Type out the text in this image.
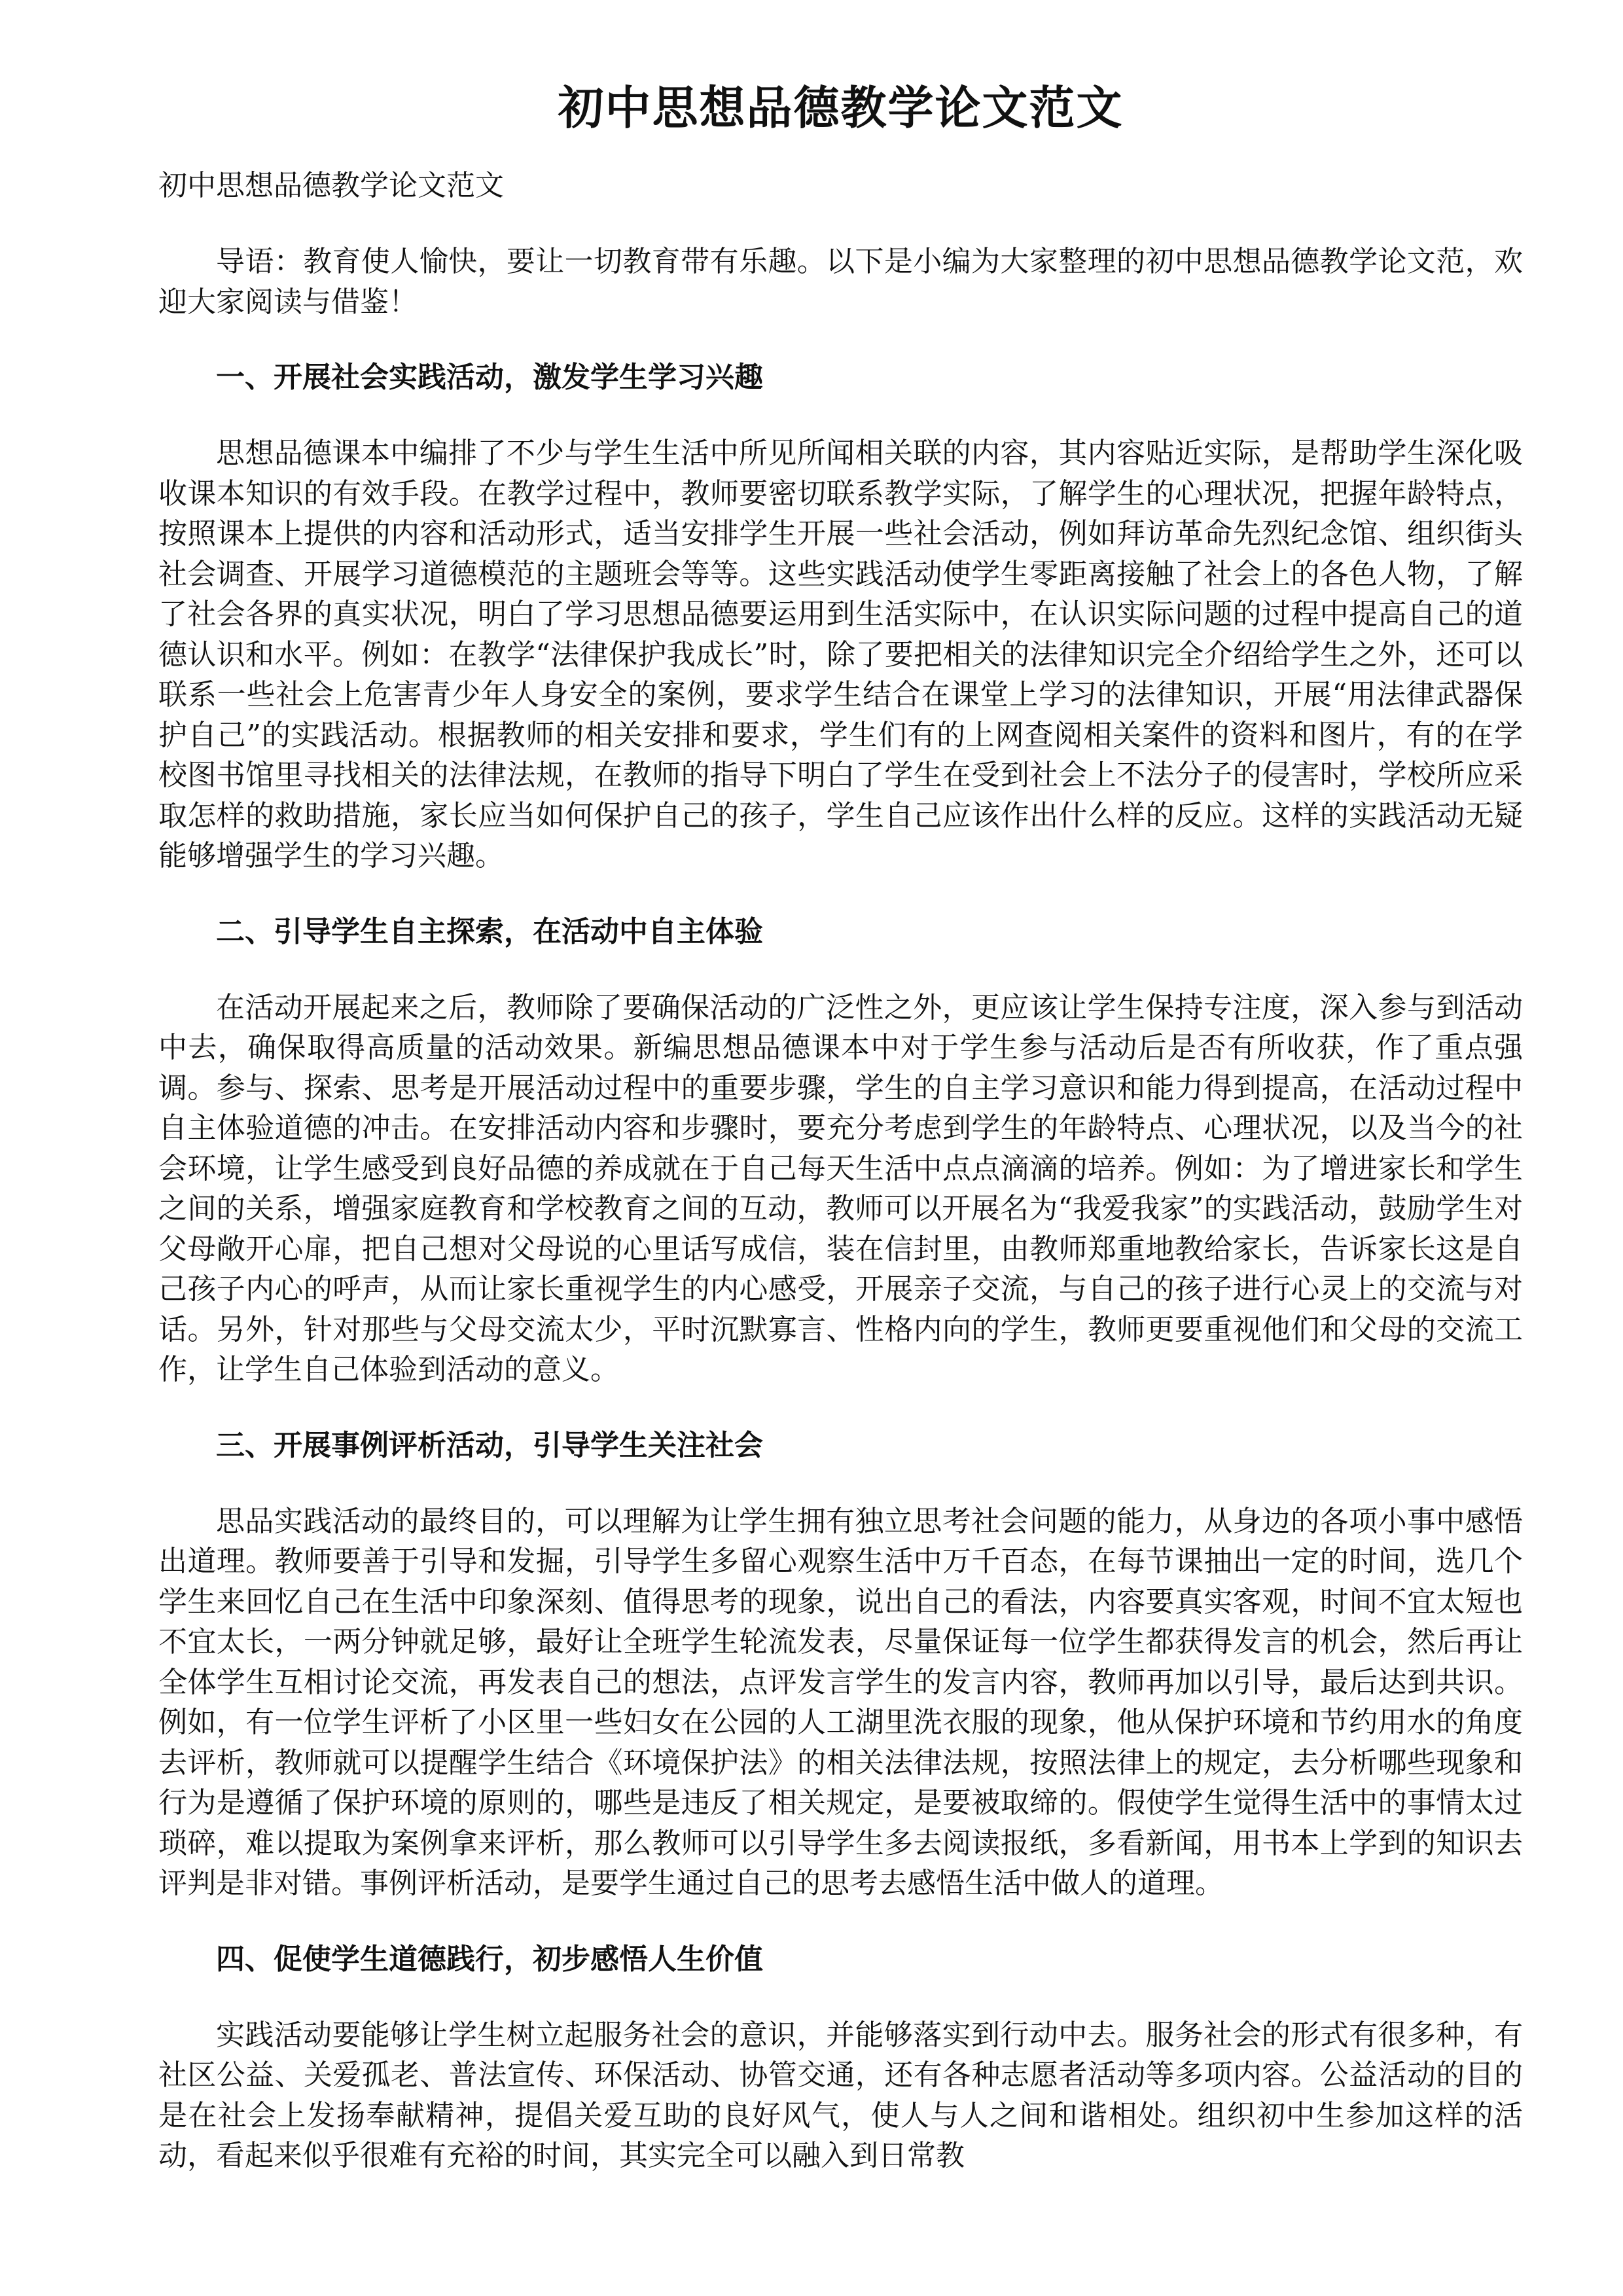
初中思想品德教学论文范文

初中思想品德教学论文范文

导语：教育使人愉快，要让一切教育带有乐趣。以下是小编为大家整理的初中思想品德教学论文范，欢迎大家阅读与借鉴！

一、开展社会实践活动，激发学生学习兴趣

思想品德课本中编排了不少与学生生活中所见所闻相关联的内容，其内容贴近实际，是帮助学生深化吸收课本知识的有效手段。在教学过程中，教师要密切联系教学实际，了解学生的心理状况，把握年龄特点，按照课本上提供的内容和活动形式，适当安排学生开展一些社会活动，例如拜访革命先烈纪念馆、组织街头社会调查、开展学习道德模范的主题班会等等。这些实践活动使学生零距离接触了社会上的各色人物，了解了社会各界的真实状况，明白了学习思想品德要运用到生活实际中，在认识实际问题的过程中提高自己的道德认识和水平。例如：在教学“法律保护我成长”时，除了要把相关的法律知识完全介绍给学生之外，还可以联系一些社会上危害青少年人身安全的案例，要求学生结合在课堂上学习的法律知识，开展“用法律武器保护自己”的实践活动。根据教师的相关安排和要求，学生们有的上网查阅相关案件的资料和图片，有的在学校图书馆里寻找相关的法律法规，在教师的指导下明白了学生在受到社会上不法分子的侵害时，学校所应采取怎样的救助措施，家长应当如何保护自己的孩子，学生自己应该作出什么样的反应。这样的实践活动无疑能够增强学生的学习兴趣。

二、引导学生自主探索，在活动中自主体验

在活动开展起来之后，教师除了要确保活动的广泛性之外，更应该让学生保持专注度，深入参与到活动中去，确保取得高质量的活动效果。新编思想品德课本中对于学生参与活动后是否有所收获，作了重点强调。参与、探索、思考是开展活动过程中的重要步骤，学生的自主学习意识和能力得到提高，在活动过程中自主体验道德的冲击。在安排活动内容和步骤时，要充分考虑到学生的年龄特点、心理状况，以及当今的社会环境，让学生感受到良好品德的养成就在于自己每天生活中点点滴滴的培养。例如：为了增进家长和学生之间的关系，增强家庭教育和学校教育之间的互动，教师可以开展名为“我爱我家”的实践活动，鼓励学生对父母敞开心扉，把自己想对父母说的心里话写成信，装在信封里，由教师郑重地教给家长，告诉家长这是自己孩子内心的呼声，从而让家长重视学生的内心感受，开展亲子交流，与自己的孩子进行心灵上的交流与对话。另外，针对那些与父母交流太少，平时沉默寡言、性格内向的学生，教师更要重视他们和父母的交流工作，让学生自己体验到活动的意义。

三、开展事例评析活动，引导学生关注社会

思品实践活动的最终目的，可以理解为让学生拥有独立思考社会问题的能力，从身边的各项小事中感悟出道理。教师要善于引导和发掘，引导学生多留心观察生活中万千百态，在每节课抽出一定的时间，选几个学生来回忆自己在生活中印象深刻、值得思考的现象，说出自己的看法，内容要真实客观，时间不宜太短也不宜太长，一两分钟就足够，最好让全班学生轮流发表，尽量保证每一位学生都获得发言的机会，然后再让全体学生互相讨论交流，再发表自己的想法，点评发言学生的发言内容，教师再加以引导，最后达到共识。例如，有一位学生评析了小区里一些妇女在公园的人工湖里洗衣服的现象，他从保护环境和节约用水的角度去评析，教师就可以提醒学生结合《环境保护法》的相关法律法规，按照法律上的规定，去分析哪些现象和行为是遵循了保护环境的原则的，哪些是违反了相关规定，是要被取缔的。假使学生觉得生活中的事情太过琐碎，难以提取为案例拿来评析，那么教师可以引导学生多去阅读报纸，多看新闻，用书本上学到的知识去评判是非对错。事例评析活动，是要学生通过自己的思考去感悟生活中做人的道理。

四、促使学生道德践行，初步感悟人生价值

实践活动要能够让学生树立起服务社会的意识，并能够落实到行动中去。服务社会的形式有很多种，有社区公益、关爱孤老、普法宣传、环保活动、协管交通，还有各种志愿者活动等多项内容。公益活动的目的是在社会上发扬奉献精神，提倡关爱互助的良好风气，使人与人之间和谐相处。组织初中生参加这样的活动，看起来似乎很难有充裕的时间，其实完全可以融入到日常教
